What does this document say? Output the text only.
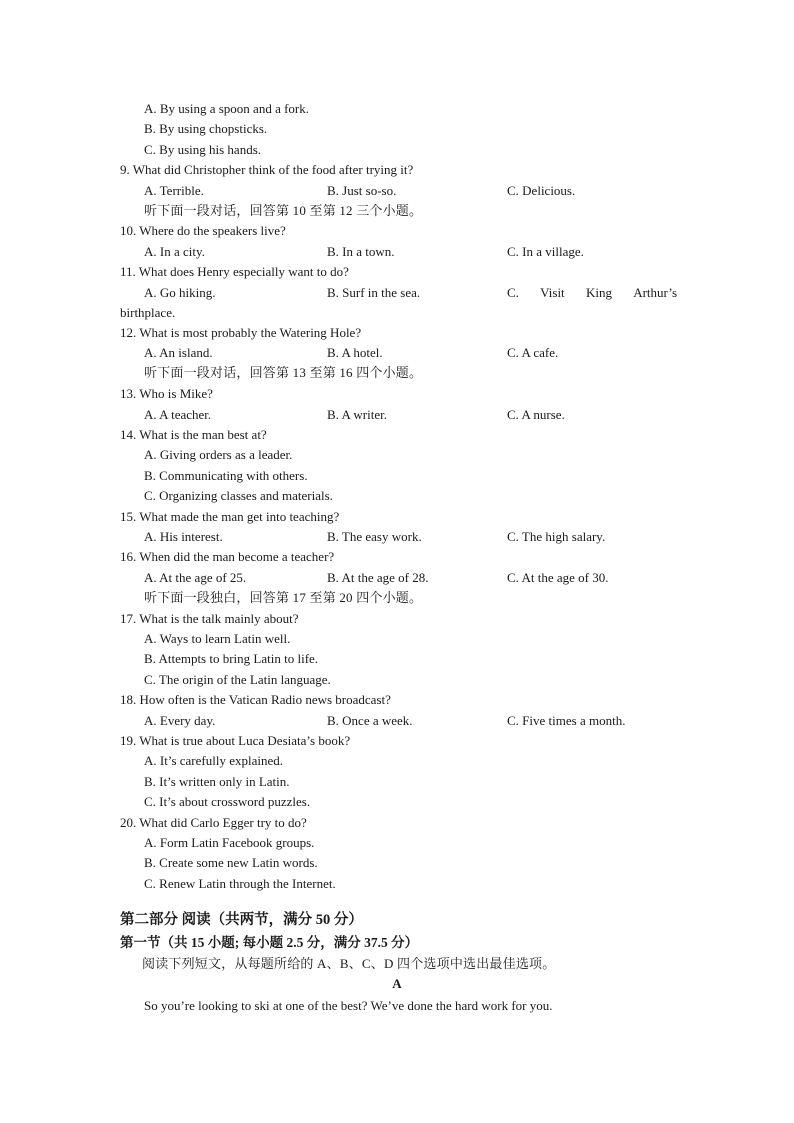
A. By using a spoon and a fork.
B. By using chopsticks.
C. By using his hands.
9. What did Christopher think of the food after trying it?
A. Terrible.	B. Just so-so.	C. Delicious.
听下面一段对话，回答第 10 至第 12 三个小题。
10. Where do the speakers live?
A. In a city.	B. In a town.	C. In a village.
11. What does Henry especially want to do?
A. Go hiking.	B. Surf in the sea.	C. Visit King Arthur’s
birthplace.
12. What is most probably the Watering Hole?
A. An island.	B. A hotel.	C. A cafe.
听下面一段对话，回答第 13 至第 16 四个小题。
13. Who is Mike?
A. A teacher.	B. A writer.	C. A nurse.
14. What is the man best at?
A. Giving orders as a leader.
B. Communicating with others.
C. Organizing classes and materials.
15. What made the man get into teaching?
A. His interest.	B. The easy work.	C. The high salary.
16. When did the man become a teacher?
A. At the age of 25.	B. At the age of 28.	C. At the age of 30.
听下面一段独白，回答第 17 至第 20 四个小题。
17. What is the talk mainly about?
A. Ways to learn Latin well.
B. Attempts to bring Latin to life.
C. The origin of the Latin language.
18. How often is the Vatican Radio news broadcast?
A. Every day.	B. Once a week.	C. Five times a month.
19. What is true about Luca Desiata’s book?
A. It’s carefully explained.
B. It’s written only in Latin.
C. It’s about crossword puzzles.
20. What did Carlo Egger try to do?
A. Form Latin Facebook groups.
B. Create some new Latin words.
C. Renew Latin through the Internet.
第二部分 阅读（共两节，满分 50 分）
第一节（共 15 小题; 每小题 2.5 分，满分 37.5 分）
阅读下列短文，从每题所给的 A、B、C、D 四个选项中选出最佳选项。
A
So you’re looking to ski at one of the best? We’ve done the hard work for you.
